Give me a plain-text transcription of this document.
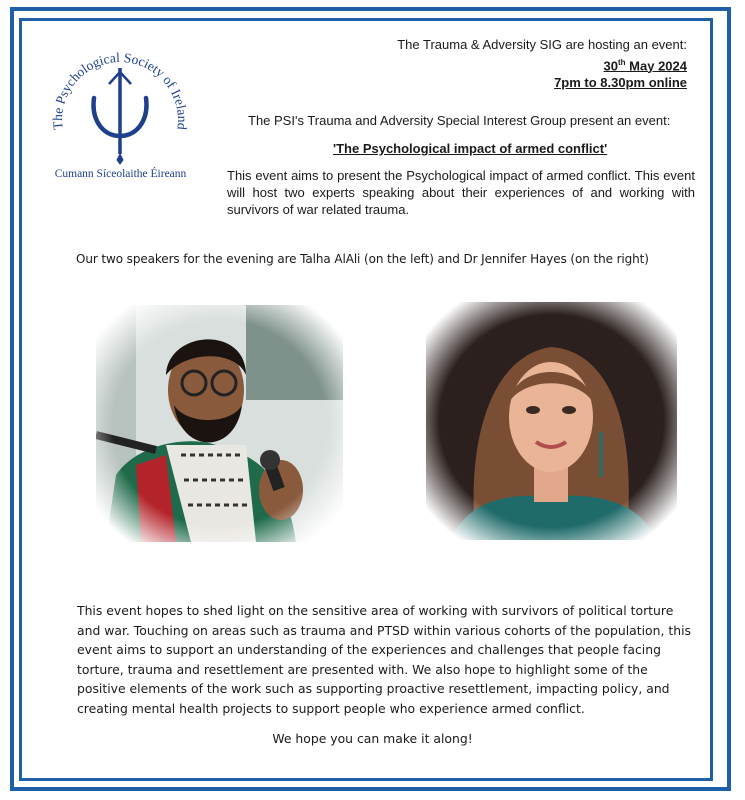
The Psychological Society of Ireland
Cumann Síceolaithe Éireann
The Trauma & Adversity SIG are hosting an event:
30th May 2024
7pm to 8.30pm online
The PSI's Trauma and Adversity Special Interest Group present an event:
'The Psychological impact of armed conflict'
This event aims to present the Psychological impact of armed conflict. This event will host two experts speaking about their experiences of and working with survivors of war related trauma.
Our two speakers for the evening are Talha AlAli (on the left) and Dr Jennifer Hayes (on the right)
This event hopes to shed light on the sensitive area of working with survivors of political torture and war. Touching on areas such as trauma and PTSD within various cohorts of the population, this event aims to support an understanding of the experiences and challenges that people facing torture, trauma and resettlement are presented with. We also hope to highlight some of the positive elements of the work such as supporting proactive resettlement, impacting policy, and creating mental health projects to support people who experience armed conflict.
We hope you can make it along!
